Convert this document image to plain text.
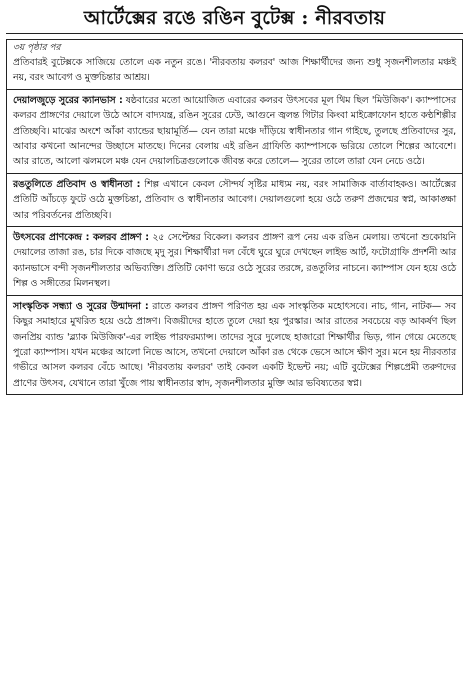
আর্টেক্সের রঙে রঙিন বুটেক্স : নীরবতায়
৩য় পৃষ্ঠার পর

প্রতিবারই বুটেক্সকে সাজিয়ে তোলে এক নতুন রঙে। 'নীরবতায় কলরব' আজ শিক্ষার্থীদের জন্য শুধু সৃজনশীলতার মঞ্চই নয়, বরং আবেগ ও মুক্তচিন্তার আশ্রয়।

দেয়ালজুড়ে সুরের ক্যানভাস : ষষ্ঠবারের মতো আয়োজিত এবারের কলরব উৎসবের মূল থিম ছিল 'মিউজিক'। ক্যাম্পাসের কলরব প্রাঙ্গণের দেয়ালে উঠে আসে বাদ্যযন্ত্র, রঙিন সুরের ঢেউ, আগুনে জ্বলন্ত গিটার কিংবা মাইক্রোফোন হাতে কণ্ঠশিল্পীর প্রতিচ্ছবি। মাঝের অংশে আঁকা ব্যান্ডের ছায়ামূর্তি— যেন তারা মঞ্চে দাঁড়িয়ে স্বাধীনতার গান গাইছে, তুলছে প্রতিবাদের সুর, আবার কখনো আনন্দের উচ্ছাসে মাতছে। দিনের বেলায় এই রঙিন গ্রাফিতি ক্যাম্পাসকে ভরিয়ে তোলে শিল্পের আবেশে। আর রাতে, আলো ঝলমলে মঞ্চ যেন দেয়ালচিত্রগুলোকে জীবন্ত করে তোলে— সুরের তালে তারা যেন নেচে ওঠে।

রঙতুলিতে প্রতিবাদ ও স্বাধীনতা : শিল্প এখানে কেবল সৌন্দর্য সৃষ্টির মাধ্যম নয়, বরং সামাজিক বার্তাবাহকও। আর্টেক্সের প্রতিটি আঁচড়ে ফুটে ওঠে মুক্তচিন্তা, প্রতিবাদ ও স্বাধীনতার আবেগ। দেয়ালগুলো হয়ে ওঠে তরুণ প্রজন্মের স্বপ্ন, আকাঙ্ক্ষা আর পরিবর্তনের প্রতিচ্ছবি।

উৎসবের প্রাণকেন্দ্র : কলরব প্রাঙ্গণ : ২৫ সেপ্টেম্বর বিকেল। কলরব প্রাঙ্গণ রূপ নেয় এক রঙিন মেলায়। তখনো শুকোয়নি দেয়ালের তাজা রঙ, চার দিকে বাজছে মৃদু সুর। শিক্ষার্থীরা দল বেঁধে ঘুরে ঘুরে দেখছেন লাইভ আর্ট, ফটোগ্রাফি প্রদর্শনী আর ক্যানভাসে বন্দী সৃজনশীলতার অভিব্যক্তি। প্রতিটি কোণা ভরে ওঠে সুরের তরঙ্গে, রঙতুলির নাচনে। ক্যাম্পাস যেন হয়ে ওঠে শিল্প ও সঙ্গীতের মিলনস্থল।

সাংস্কৃতিক সন্ধ্যা ও সুরের উন্মাদনা : রাতে কলরব প্রাঙ্গণ পরিণত হয় এক সাংস্কৃতিক মহোৎসবে। নাচ, গান, নাটক— সব কিছুর সমাহারে মুখরিত হয়ে ওঠে প্রাঙ্গণ। বিজয়ীদের হাতে তুলে দেয়া হয় পুরস্কার। আর রাতের সবচেয়ে বড় আকর্ষণ ছিল জনপ্রিয় ব্যান্ড 'ব্ল্যাক মিউজিক'-এর লাইভ পারফরম্যান্স। তাদের সুরে দুলেছে হাজারো শিক্ষার্থীর ভিড়, গান গেয়ে মেতেছে পুরো ক্যাম্পাস। যখন মঞ্চের আলো নিভে আসে, তখনো দেয়ালে আঁকা রঙ থেকে ভেসে আসে ক্ষীণ সুর। মনে হয় নীরবতার গভীরে আসল কলরব বেঁচে আছে। 'নীরবতায় কলরব' তাই কেবল একটি ইভেন্ট নয়; এটি বুটেক্সের শিল্পপ্রেমী তরুণদের প্রাণের উৎসব, যেখানে তারা খুঁজে পায় স্বাধীনতার স্বাদ, সৃজনশীলতার মুক্তি আর ভবিষ্যতের স্বপ্ন।
